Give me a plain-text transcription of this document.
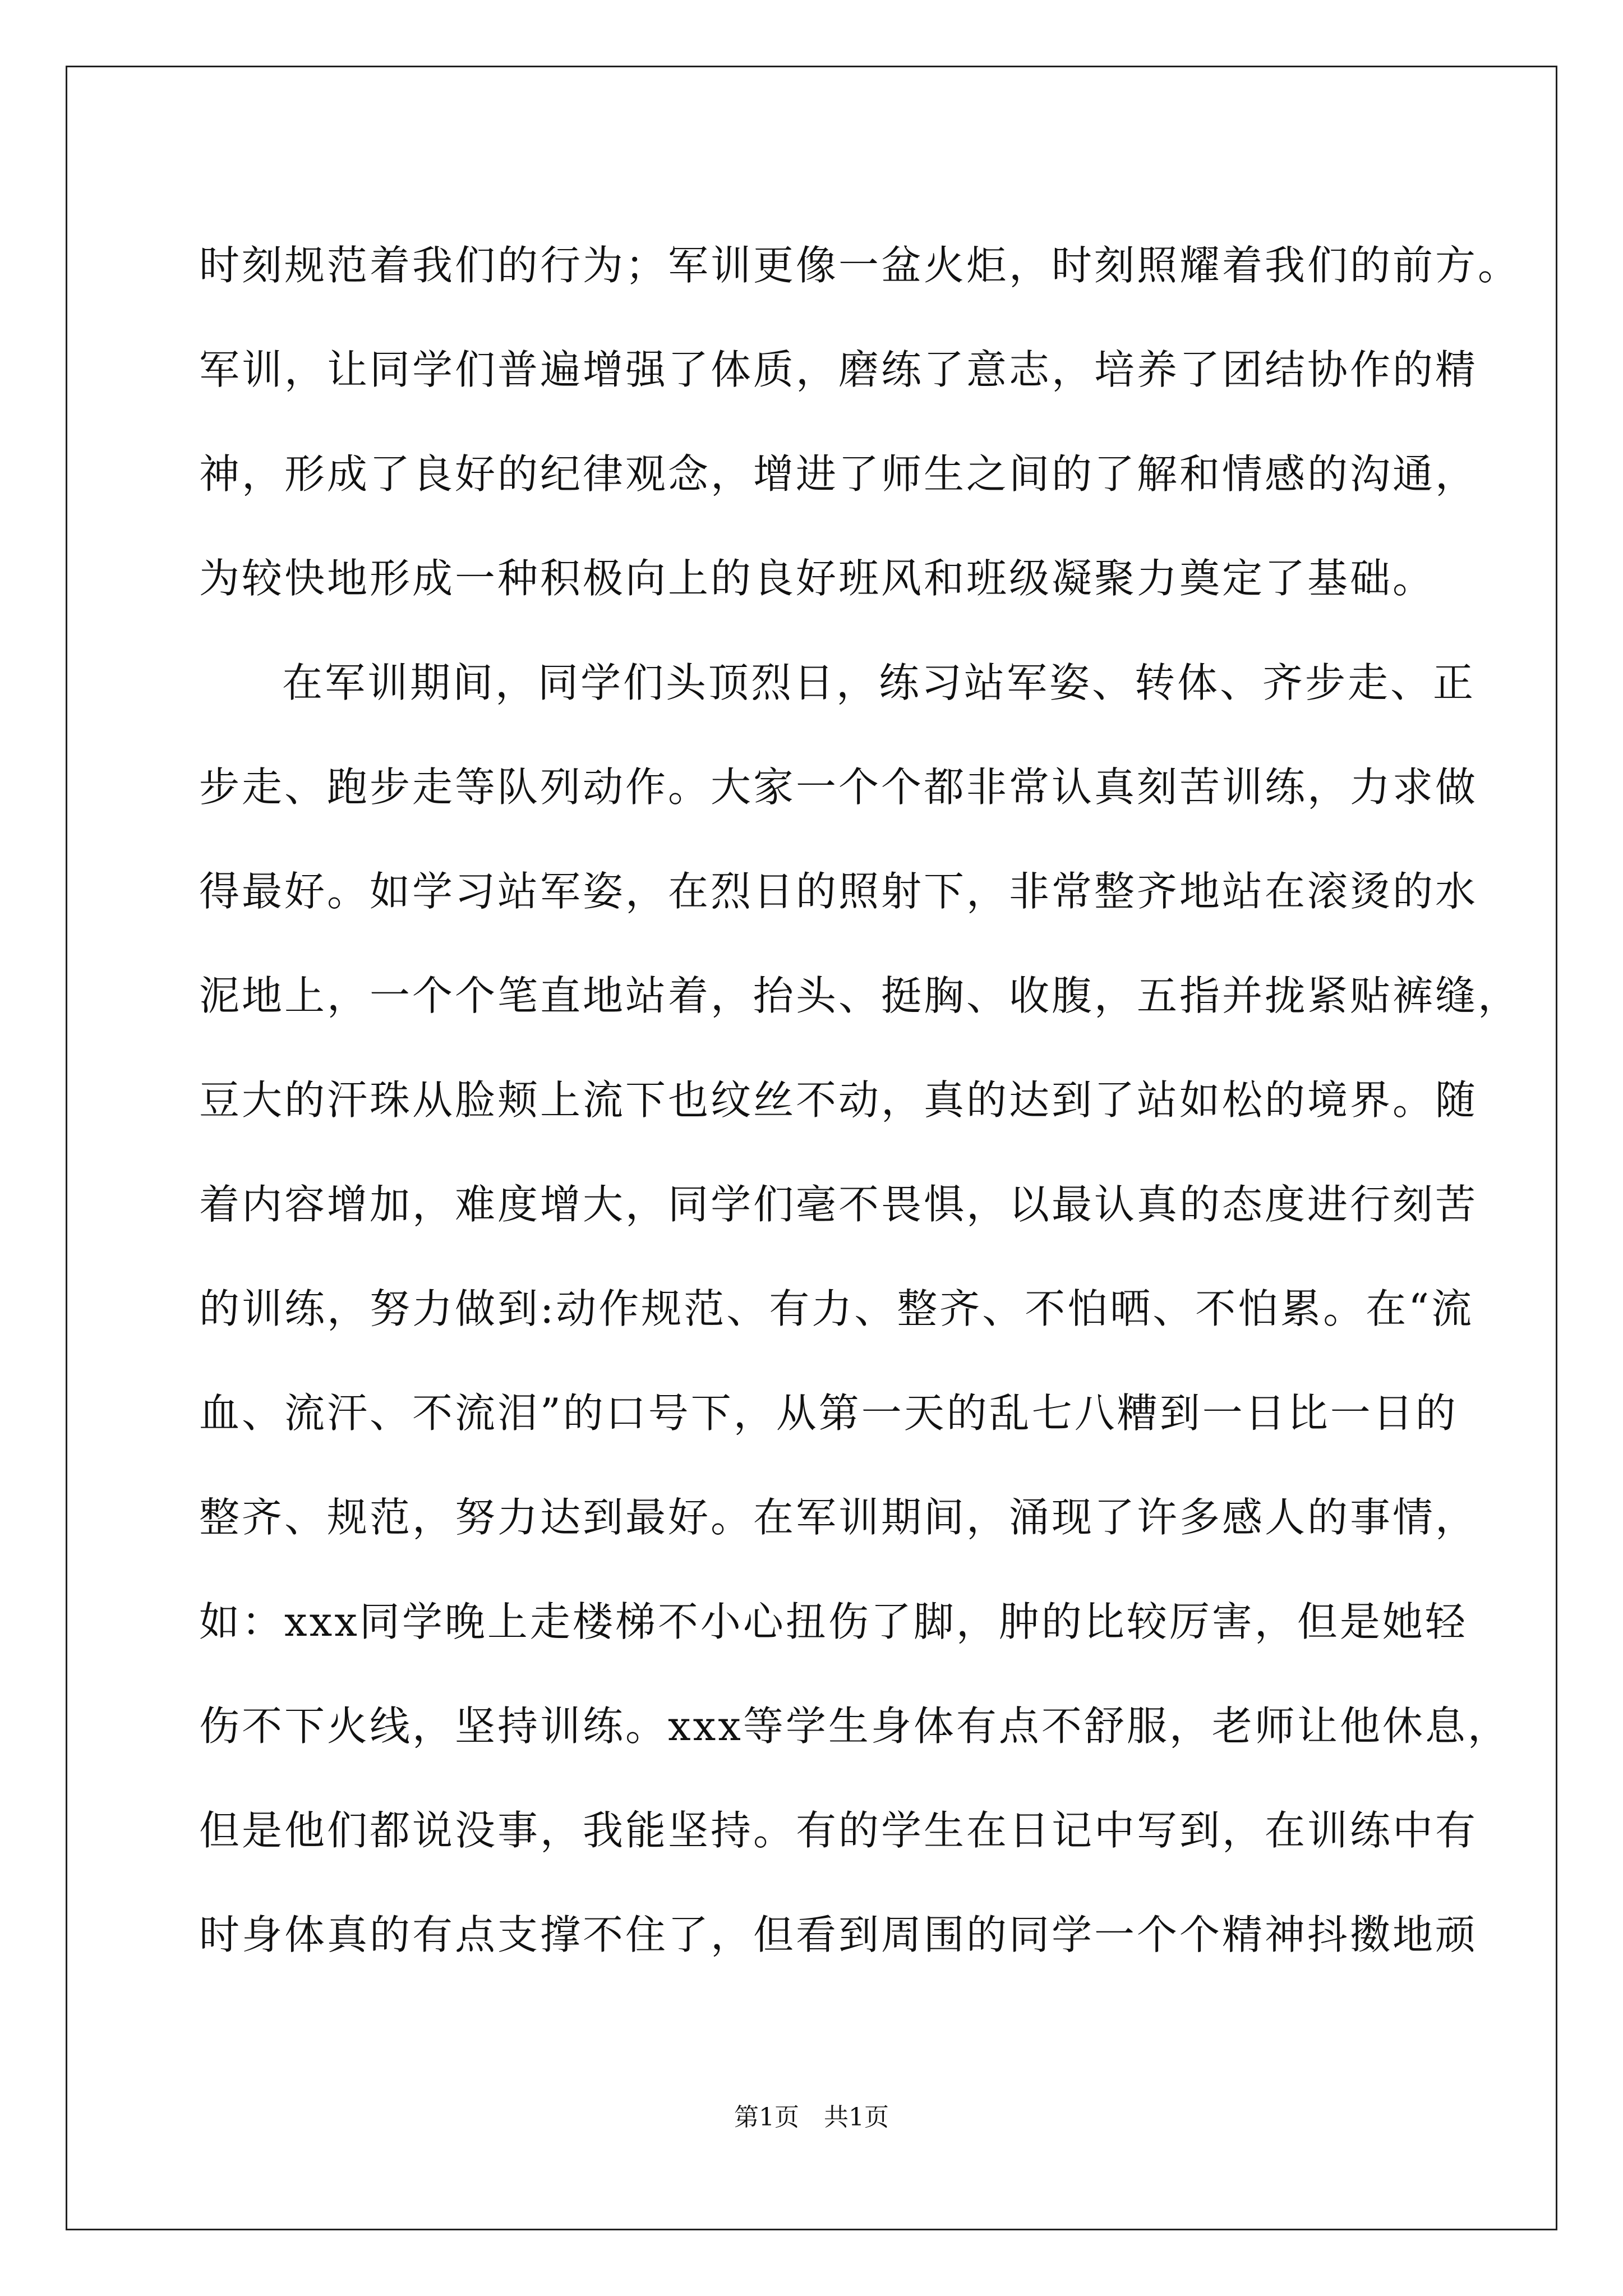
时刻规范着我们的行为；军训更像一盆火炬，时刻照耀着我们的前方。
军训，让同学们普遍增强了体质，磨练了意志，培养了团结协作的精
神，形成了良好的纪律观念，增进了师生之间的了解和情感的沟通，
为较快地形成一种积极向上的良好班风和班级凝聚力奠定了基础。
在军训期间，同学们头顶烈日，练习站军姿、转体、齐步走、正
步走、跑步走等队列动作。大家一个个都非常认真刻苦训练，力求做
得最好。如学习站军姿，在烈日的照射下，非常整齐地站在滚烫的水
泥地上，一个个笔直地站着，抬头、挺胸、收腹，五指并拢紧贴裤缝，
豆大的汗珠从脸颊上流下也纹丝不动，真的达到了站如松的境界。随
着内容增加，难度增大，同学们毫不畏惧，以最认真的态度进行刻苦
的训练，努力做到:动作规范、有力、整齐、不怕晒、不怕累。在“流
血、流汗、不流泪”的口号下，从第一天的乱七八糟到一日比一日的
整齐、规范，努力达到最好。在军训期间，涌现了许多感人的事情，
如：xxx同学晚上走楼梯不小心扭伤了脚，肿的比较厉害，但是她轻
伤不下火线，坚持训练。xxx等学生身体有点不舒服，老师让他休息，
但是他们都说没事，我能坚持。有的学生在日记中写到，在训练中有
时身体真的有点支撑不住了，但看到周围的同学一个个精神抖擞地顽
第1页　共1页
